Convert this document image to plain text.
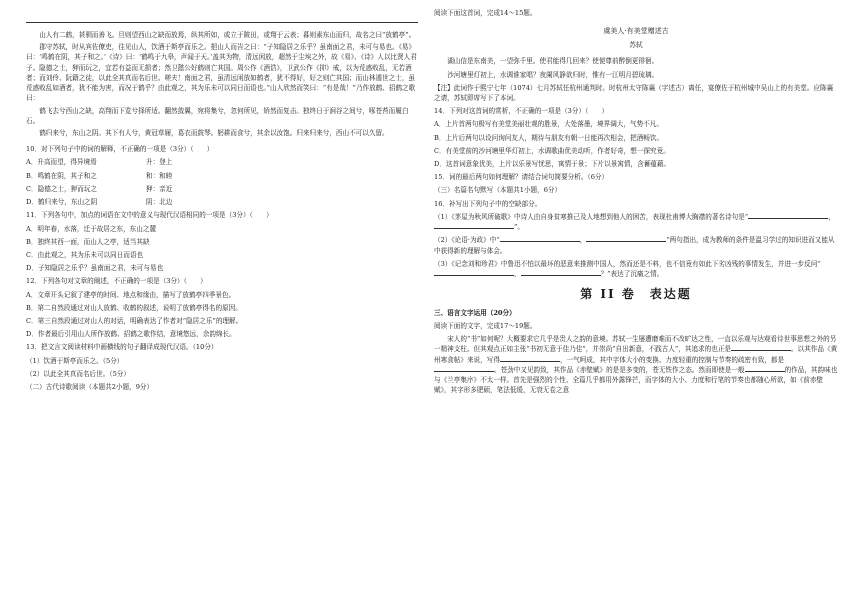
山人有二鹤，甚驯而善飞。旦则望西山之缺而放焉，纵其所如，或立于陂田，或翔于云表；暮则素东山而归，故名之曰“放鹤亭”。

郡守苏轼，时从宾佐僚吏，往见山人，饮酒于斯亭而乐之。挹山人而告之曰：“子知隐居之乐乎？虽南面之君，未可与易也。《易》曰：‘鸣鹤在阴，其子和之。’《诗》曰：‘鹤鸣于九皋，声闻于天。’盖其为物，清远闲放，超然于尘埃之外，故《易》、《诗》人以比贤人君子。隐德之士，狎而玩之，宜若有益而无损者；然卫懿公好鹤则亡其国。周公作《酒诰》，卫武公作《抑》戒，以为荒惑败乱，无若酒者；而刘伶、阮籍之徒，以此全其真而名后世。嗟夫！南面之君，虽清远闲放如鹤者，犹不得好，好之则亡其国；而山林遁世之士，虽荒惑败乱如酒者，犹不能为害，而况于鹤乎？由此观之，其为乐未可以同日而语也。”山人欣然而笑曰：“有是哉！”乃作放鹤、招鹤之歌曰：

鹤飞去兮西山之缺，高翔而下览兮择所适。翻然敛翼，宛将集兮，忽何所见，矫然而复击。独终日于涧谷之间兮，啄苍苔而履白石。

鹤归来兮，东山之阴。其下有人兮，黄冠草屦，葛衣而鼓琴。躬耕而食兮，其余以汝饱。归来归来兮，西山不可以久留。

10．对下列句子中的词的解释，不正确的一项是（3分）（　　）

A．升高而望，得异境焉	升：登上

B．鸣鹤在阴，其子和之	和：和睦

C．隐德之士，狎而玩之	狎：亲近

D．鹤归来兮，东山之阴	阴：北边

11．下列各句中，加点的词语在文中的意义与现代汉语相同的一项是（3分）（　　）

A．明年春，水落，迁于故居之东，东山之麓

B．独终其西一面，而山人之亭，适当其缺

C．由此观之，其为乐未可以同日而语也

D．子知隐居之乐乎？虽南面之君，未可与易也

12．下列各句对文章的阐述，不正确的一项是（3分）（　　）

A．文章开头记叙了建亭的时间、地点和缘由，描写了放鹤亭四季景色。

B．第二自然段通过对山人放鹤、收鹤的叙述，说明了放鹤亭得名的原因。

C．第三自然段通过对山人的对话，明确表达了作者对“隐居之乐”的理解。

D．作者最后引用山人所作放鹤、招鹤之歌作结，意境悠远，余韵绵长。

13．把文言文阅读材料中画横线的句子翻译成现代汉语。（10分）

（1）饮酒于斯亭而乐之。（5分）

（2）以此全其真而名后世。（5分）

（二）古代诗歌阅读（本题共2小题，9分）

阅读下面这首词，完成14～15题。

虞美人·有美堂赠述古
苏轼

湖山信是东南美，一望弥千里。使君能得几回来？使便尊前醉倒更徘徊。

沙河塘里灯初上，水调谁家唱？夜阑风静欲归时，惟有一江明月碧琉璃。

【注】此词作于熙宁七年（1074）七月苏轼任杭州通判时。时杭州太守陈襄（字述古）离任，宴僚佐于杭州城中吴山上的有美堂。应陈襄之请，苏轼即席写下了本词。

14．下列对这首词的赏析，不正确的一项是（3分）（　　）

A．上片首两句极写有美堂美丽壮观的胜景，大处落墨，境界阔大，气势不凡。

B．上片后两句以设问询问友人，期待与朋友有朝一日能再次相会，把酒畅饮。

C．有美堂前的沙河塘里华灯初上，水调歌曲优美动听，作者好奇，想一探究竟。

D．这首词意象优美，上片以乐景写忧思，寓情于景；下片以景寓情，含蓄蕴藉。

15．词的最后两句如何理解？请结合词句简要分析。（6分）

（三）名篇名句默写（本题共1小题，6分）

16．补写出下列句子中的空缺部分。

（1）《茅屋为秋风所破歌》中诗人由自身贫寒推己及人地想到他人的困苦，表现杜甫博大胸襟的著名诗句是“	，”。

（2）《论语·为政》中“	，	”两句指出，成为教师的条件是温习学过的知识进而又能从中获得新的理解与体会。

（3）《记念刘和珍君》中鲁迅不怕以最坏的恶意来推测中国人，然而还是不料，也不信竟有如此下劣凶残的事情发生，并进一步反问“，	？”表达了沉痛之情。

第 II 卷　表达题

三、语言文字运用（20分）

阅读下面的文字，完成17～19题。

宋人的“书”如何呢？大概要求它几乎是贵人之韵的意境。苏轼一生屡遭磨难而不改旷达之性，一直以乐观与达观看待世事思想之外的另一精神支柱。但其观点正如主张“书初无意于佳乃佳”，并崇尚“自出新意，不践古人”，其追求的也正是	。以其作品《黄州寒食帖》来说，写得	，一气呵成，其中字体大小的变换、力度轻重的控制与节奏的疏密有致，都是。苍劲中又见韵致，其作品《赤壁赋》的是是多变的，苍无铁作之态。然而即使是一般	的作品，其韵味也与《兰亭集序》不太一样。首先是强烈的个性、全篇几乎都用外露锋芒，而字体的大小、力度和行笔的节奏也都随心所欲，如《前赤壁赋》，其字形多肥硕，笔法低缓，无衰无卷之意
